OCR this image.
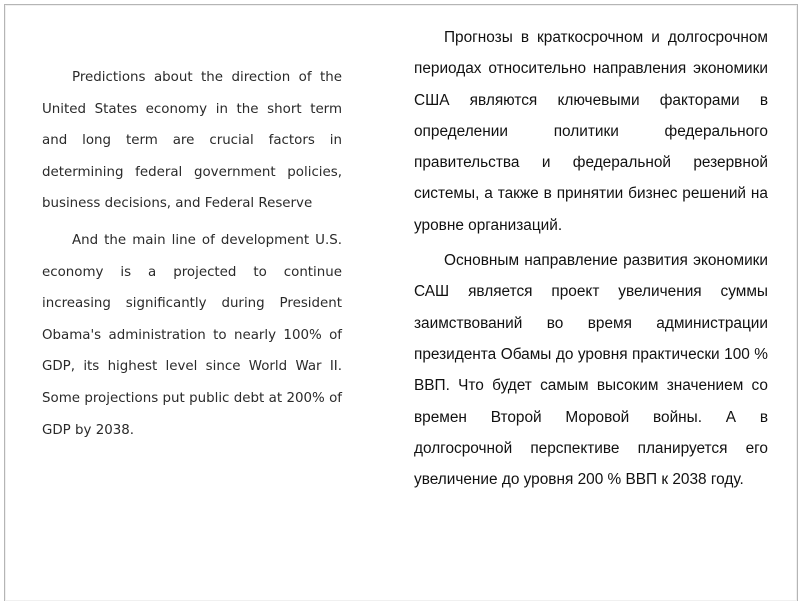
Predictions about the direction of the United States economy in the short term and long term are crucial factors in determining federal government policies, business decisions, and Federal Reserve

And the main line of development U.S. economy is a projected to continue increasing significantly during President Obama's administration to nearly 100% of GDP, its highest level since World War II. Some projections put public debt at 200% of GDP by 2038.

Прогнозы в краткосрочном и долгосрочном периодах относительно направления экономики США являются ключевыми факторами в определении политики федерального правительства и федеральной резервной системы, а также в принятии бизнес решений на уровне организаций.

Основным направление развития экономики САШ является проект увеличения суммы заимствований во время администрации президента Обамы до уровня практически 100 % ВВП. Что будет самым высоким значением со времен Второй Моровой войны. А в долгосрочной перспективе планируется его увеличение до уровня 200 % ВВП к 2038 году.
